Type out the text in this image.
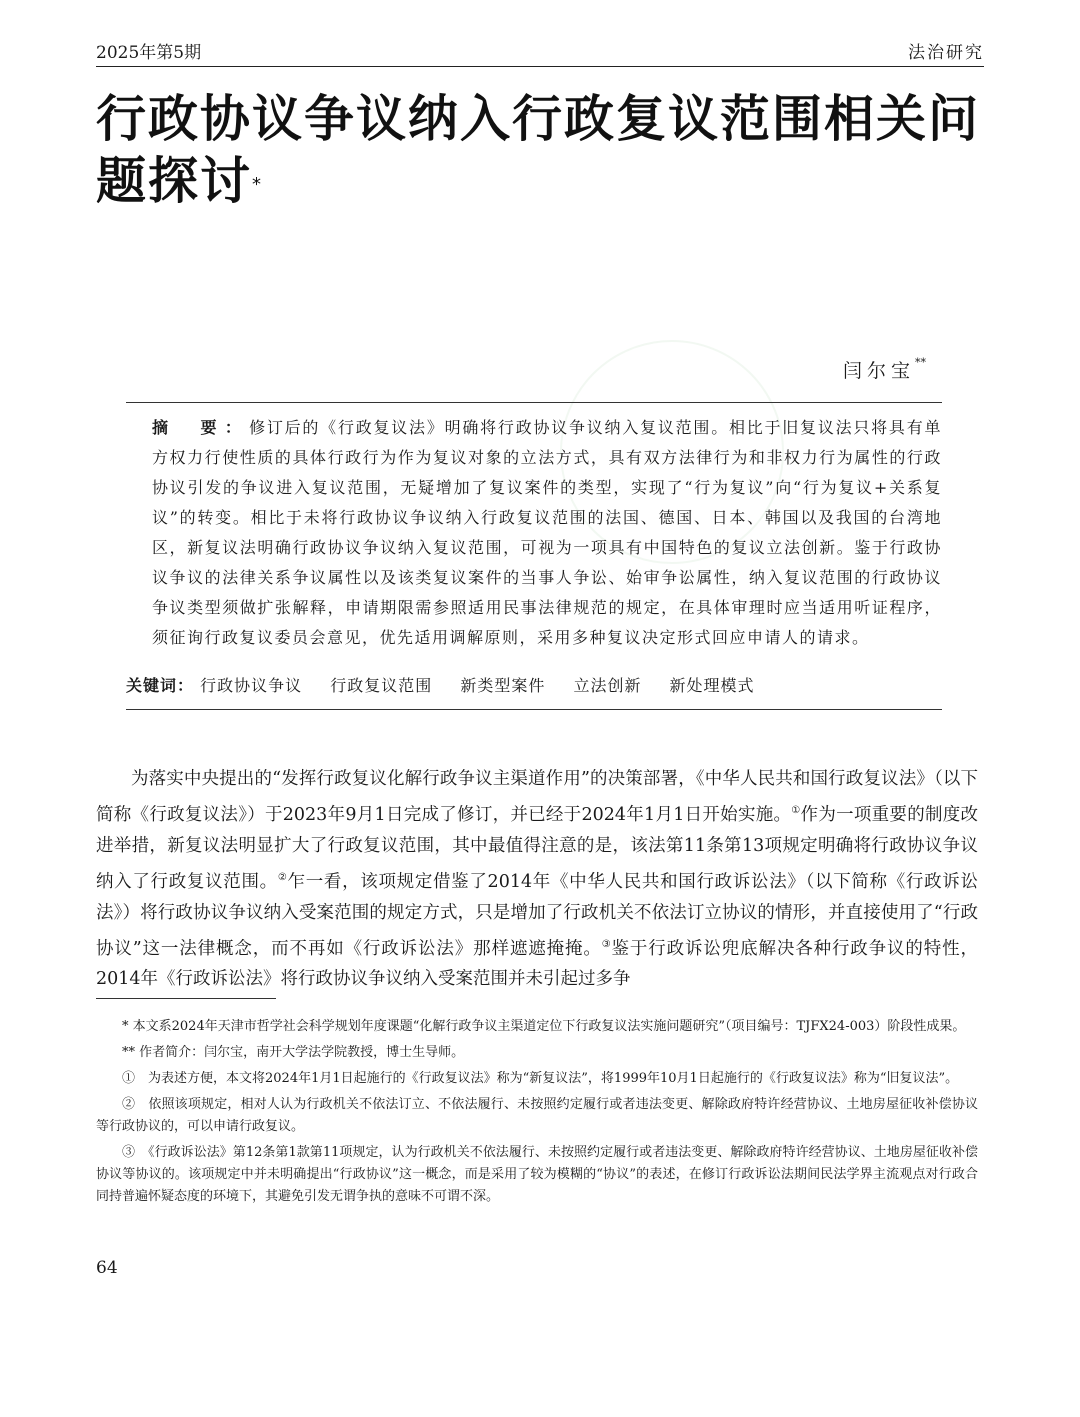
2025年第5期	法治研究
行政协议争议纳入行政复议范围相关问题探讨*
闫尔宝**
摘　要：修订后的《行政复议法》明确将行政协议争议纳入复议范围。相比于旧复议法只将具有单方权力行使性质的具体行政行为作为复议对象的立法方式，具有双方法律行为和非权力行为属性的行政协议引发的争议进入复议范围，无疑增加了复议案件的类型，实现了“行为复议”向“行为复议+关系复议”的转变。相比于未将行政协议争议纳入行政复议范围的法国、德国、日本、韩国以及我国的台湾地区，新复议法明确行政协议争议纳入复议范围，可视为一项具有中国特色的复议立法创新。鉴于行政协议争议的法律关系争议属性以及该类复议案件的当事人争讼、始审争讼属性，纳入复议范围的行政协议争议类型须做扩张解释，申请期限需参照适用民事法律规范的规定，在具体审理时应当适用听证程序，须征询行政复议委员会意见，优先适用调解原则，采用多种复议决定形式回应申请人的请求。
关键词： 行政协议争议 行政复议范围 新类型案件 立法创新 新处理模式
为落实中央提出的“发挥行政复议化解行政争议主渠道作用”的决策部署，《中华人民共和国行政复议法》（以下简称《行政复议法》）于2023年9月1日完成了修订，并已经于2024年1月1日开始实施。①作为一项重要的制度改进举措，新复议法明显扩大了行政复议范围，其中最值得注意的是，该法第11条第13项规定明确将行政协议争议纳入了行政复议范围。②乍一看，该项规定借鉴了2014年《中华人民共和国行政诉讼法》（以下简称《行政诉讼法》）将行政协议争议纳入受案范围的规定方式，只是增加了行政机关不依法订立协议的情形，并直接使用了“行政协议”这一法律概念，而不再如《行政诉讼法》那样遮遮掩掩。③鉴于行政诉讼兜底解决各种行政争议的特性，2014年《行政诉讼法》将行政协议争议纳入受案范围并未引起过多争

* 本文系2024年天津市哲学社会科学规划年度课题“化解行政争议主渠道定位下行政复议法实施问题研究”（项目编号：TJFX24-003）阶段性成果。

** 作者简介：闫尔宝，南开大学法学院教授，博士生导师。

①　为表述方便，本文将2024年1月1日起施行的《行政复议法》称为“新复议法”，将1999年10月1日起施行的《行政复议法》称为“旧复议法”。

②　依照该项规定，相对人认为行政机关不依法订立、不依法履行、未按照约定履行或者违法变更、解除政府特许经营协议、土地房屋征收补偿协议等行政协议的，可以申请行政复议。

③　《行政诉讼法》第12条第1款第11项规定，认为行政机关不依法履行、未按照约定履行或者违法变更、解除政府特许经营协议、土地房屋征收补偿协议等协议的。该项规定中并未明确提出“行政协议”这一概念，而是采用了较为模糊的“协议”的表述，在修订行政诉讼法期间民法学界主流观点对行政合同持普遍怀疑态度的环境下，其避免引发无谓争执的意味不可谓不深。

64
